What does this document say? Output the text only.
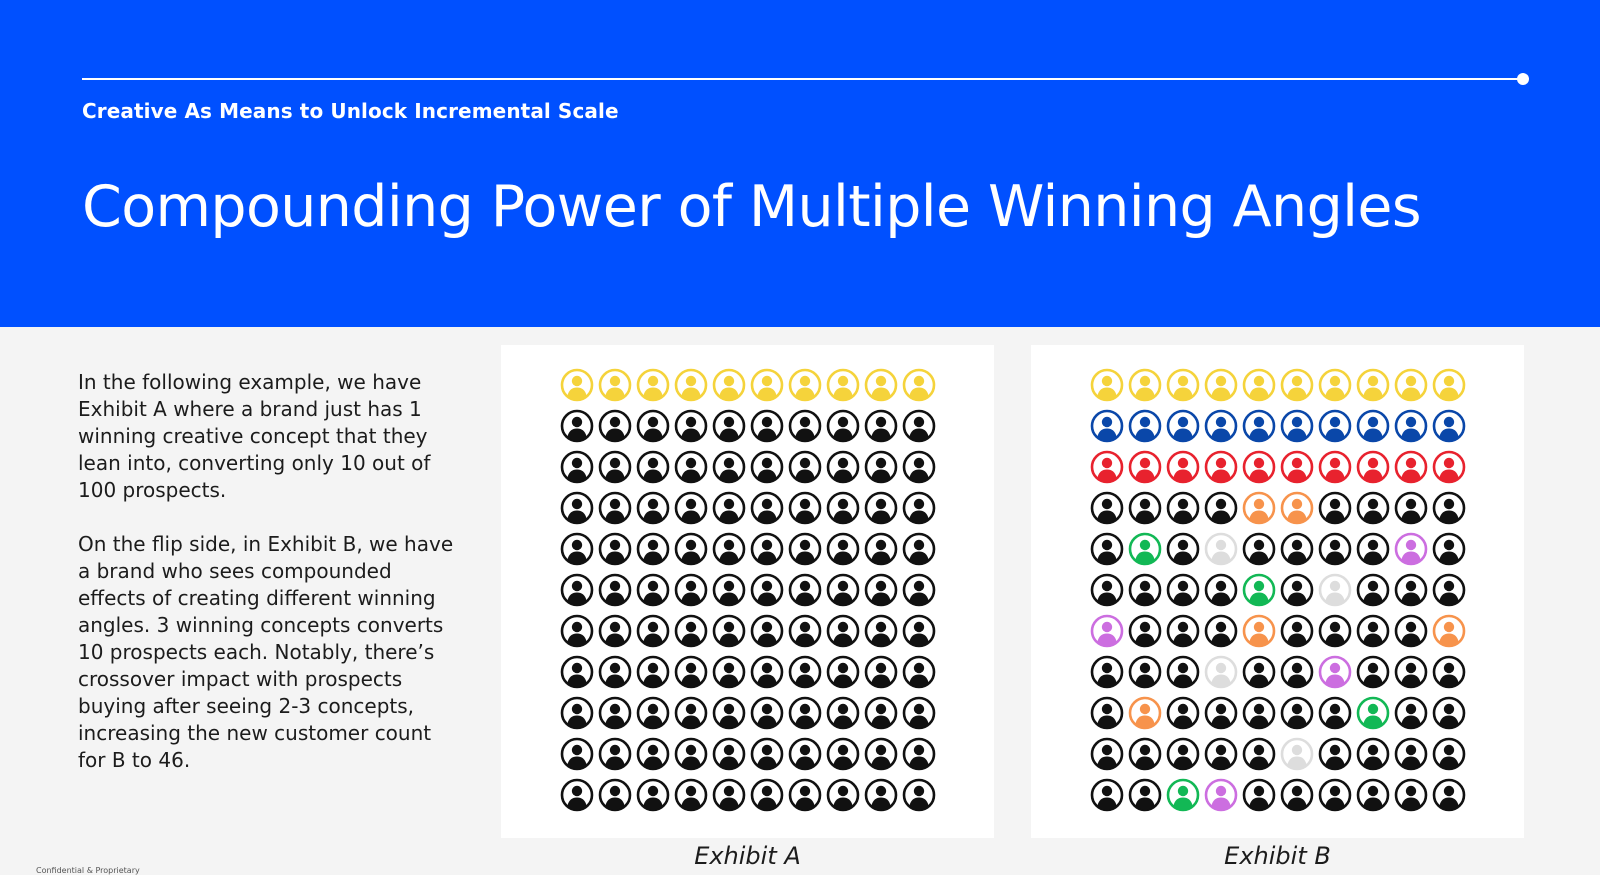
Creative As Means to Unlock Incremental Scale
Compounding Power of Multiple Winning Angles

In the following example, we have Exhibit A where a brand just has 1 winning creative concept that they lean into, converting only 10 out of 100 prospects.

On the flip side, in Exhibit B, we have a brand who sees compounded effects of creating different winning angles. 3 winning concepts converts 10 prospects each. Notably, there’s crossover impact with prospects buying after seeing 2-3 concepts, increasing the new customer count for B to 46.

Exhibit A	Exhibit B
Confidential & Proprietary
